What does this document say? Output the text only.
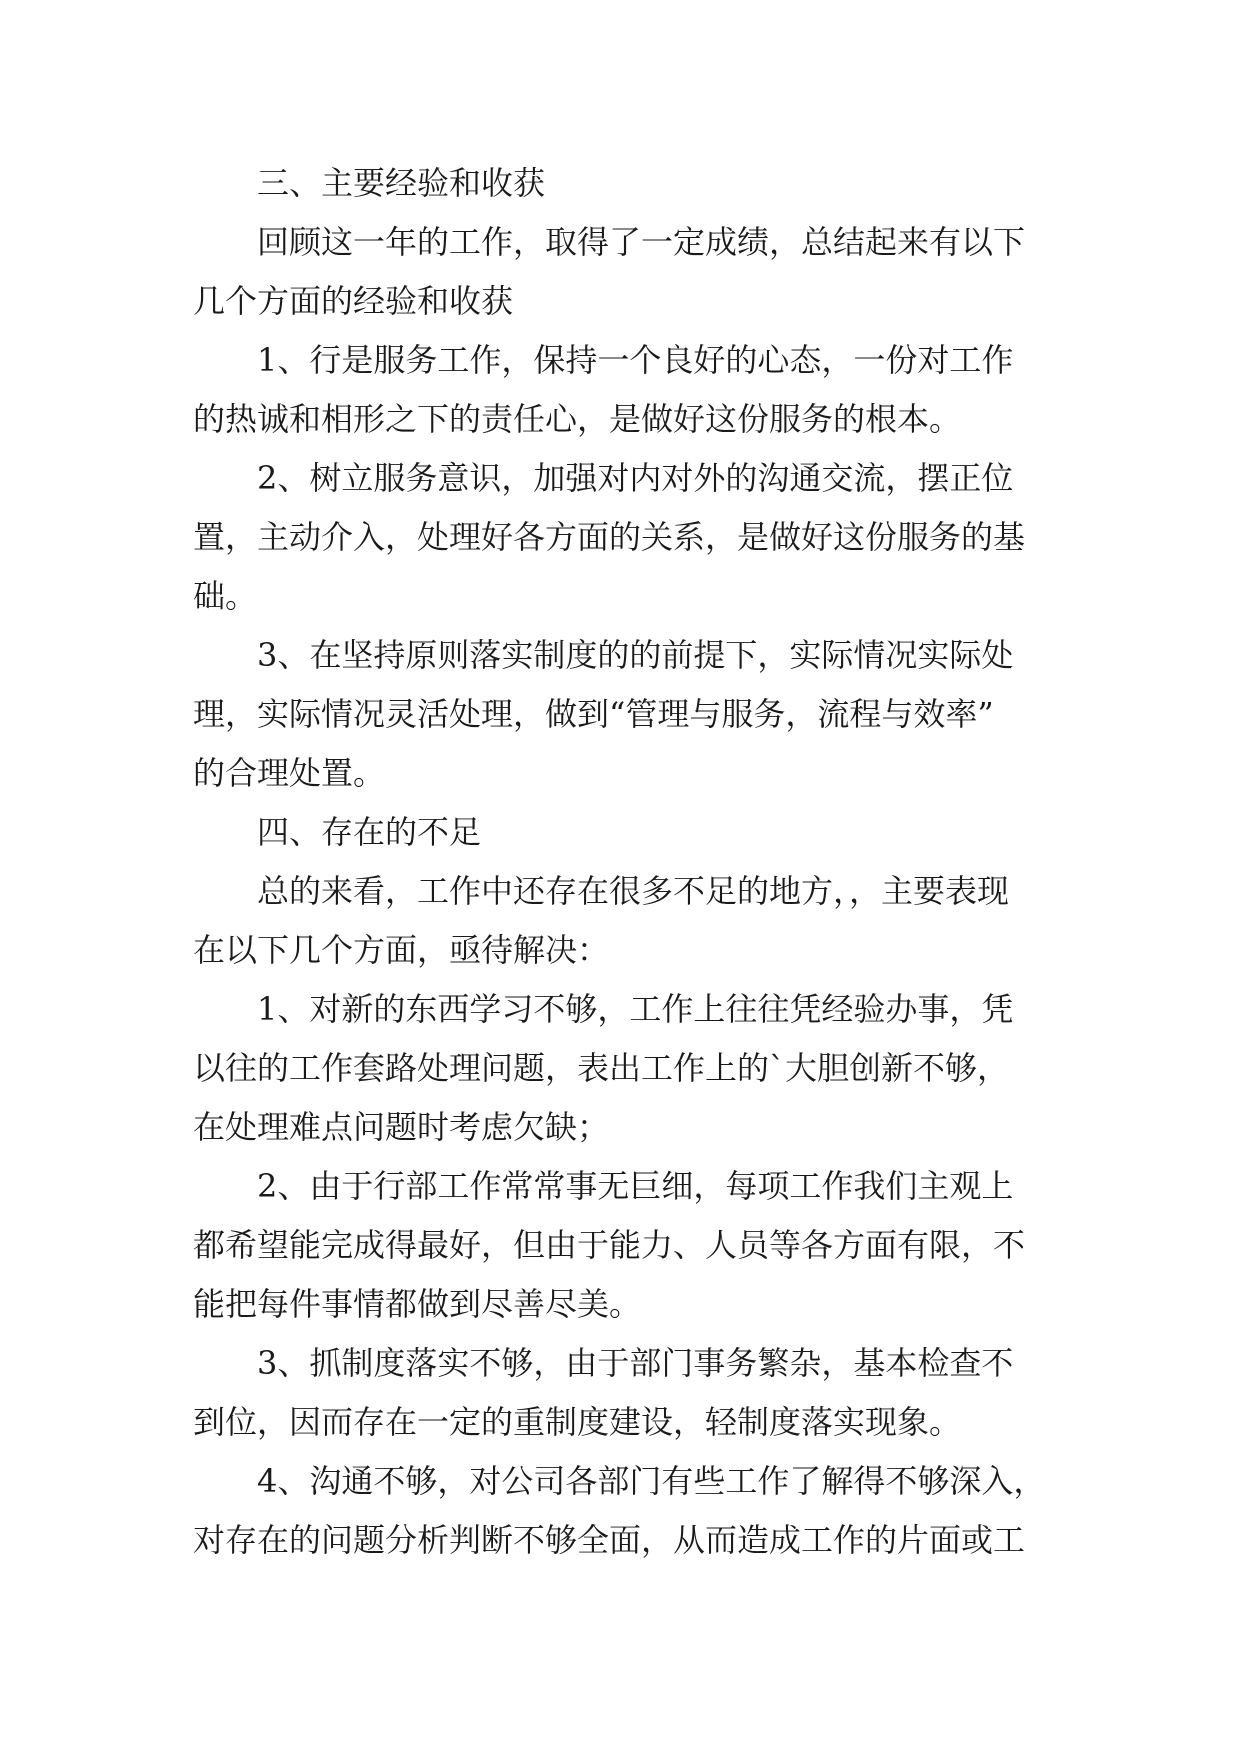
三、主要经验和收获

回顾这一年的工作，取得了一定成绩，总结起来有以下

几个方面的经验和收获

1、行是服务工作，保持一个良好的心态，一份对工作

的热诚和相形之下的责任心，是做好这份服务的根本。

2、树立服务意识，加强对内对外的沟通交流，摆正位

置，主动介入，处理好各方面的关系，是做好这份服务的基

础。

3、在坚持原则落实制度的的前提下，实际情况实际处

理，实际情况灵活处理，做到“管理与服务，流程与效率”

的合理处置。

四、存在的不足

总的来看，工作中还存在很多不足的地方，，主要表现

在以下几个方面，亟待解决：

1、对新的东西学习不够，工作上往往凭经验办事，凭

以往的工作套路处理问题，表出工作上的`大胆创新不够，

在处理难点问题时考虑欠缺；

2、由于行部工作常常事无巨细，每项工作我们主观上

都希望能完成得最好，但由于能力、人员等各方面有限，不

能把每件事情都做到尽善尽美。

3、抓制度落实不够，由于部门事务繁杂，基本检查不

到位，因而存在一定的重制度建设，轻制度落实现象。

4、沟通不够，对公司各部门有些工作了解得不够深入，

对存在的问题分析判断不够全面，从而造成工作的片面或工
